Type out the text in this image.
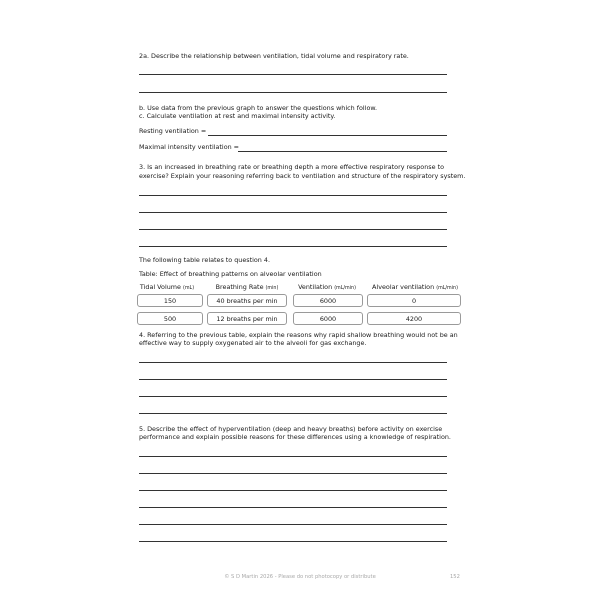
2a. Describe the relationship between ventilation, tidal volume and respiratory rate.
b. Use data from the previous graph to answer the questions which follow.
c. Calculate ventilation at rest and maximal intensity activity.
Resting ventilation =
Maximal intensity ventilation =
3. Is an increased in breathing rate or breathing depth a more effective respiratory response to
exercise? Explain your reasoning referring back to ventilation and structure of the respiratory system.
The following table relates to question 4.
Table: Effect of breathing patterns on alveolar ventilation
Tidal Volume (mL)	Breathing Rate (min)	Ventilation (mL/min)	Alveolar ventilation (mL/min)
150	40 breaths per min	6000	0
500	12 breaths per min	6000	4200
4. Referring to the previous table, explain the reasons why rapid shallow breathing would not be an
effective way to supply oxygenated air to the alveoli for gas exchange.
5. Describe the effect of hyperventilation (deep and heavy breaths) before activity on exercise
performance and explain possible reasons for these differences using a knowledge of respiration.
© S D Martin 2026 - Please do not photocopy or distribute	152
